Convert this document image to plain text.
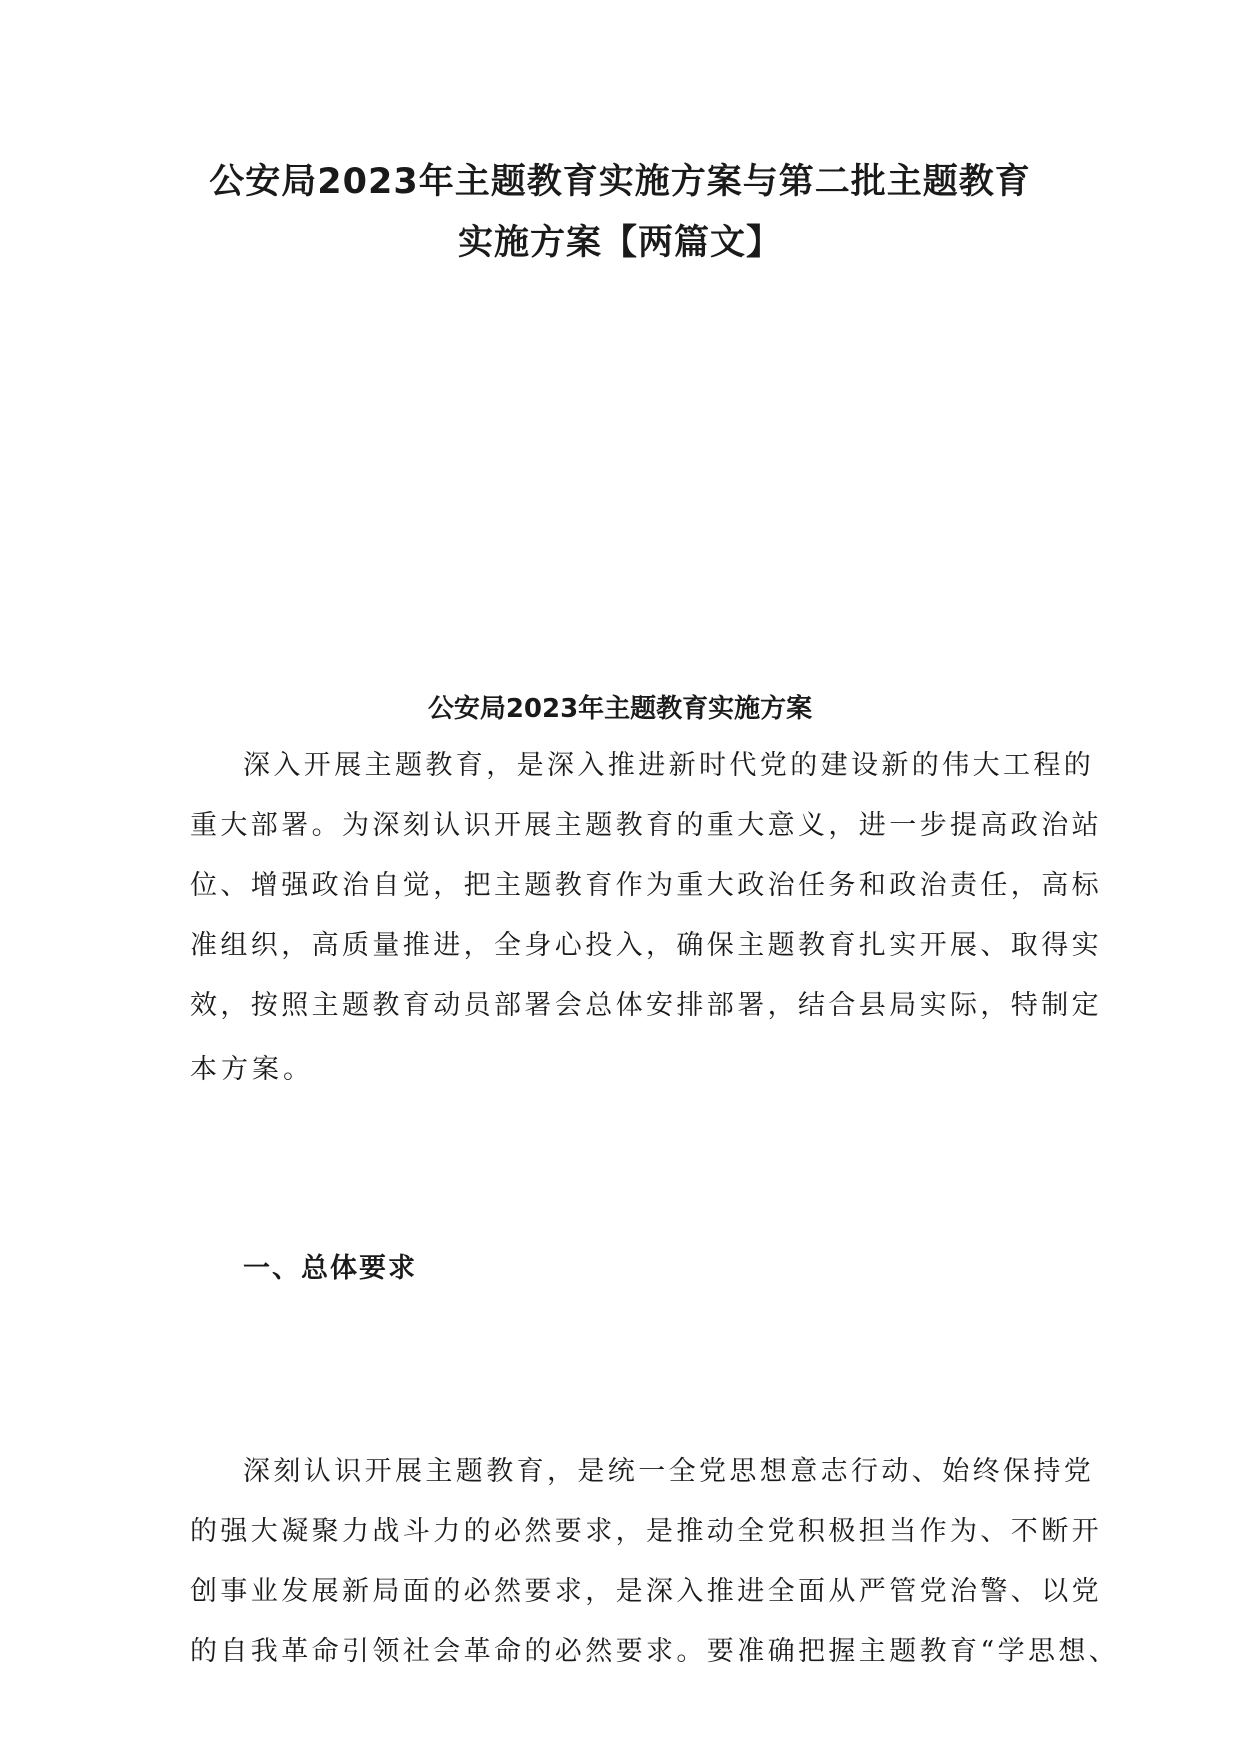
公安局2023年主题教育实施方案与第二批主题教育
实施方案【两篇文】
公安局2023年主题教育实施方案

深入开展主题教育，是深入推进新时代党的建设新的伟大工程的
重大部署。为深刻认识开展主题教育的重大意义，进一步提高政治站
位、增强政治自觉，把主题教育作为重大政治任务和政治责任，高标
准组织，高质量推进，全身心投入，确保主题教育扎实开展、取得实
效，按照主题教育动员部署会总体安排部署，结合县局实际，特制定
本方案。

一、总体要求

深刻认识开展主题教育，是统一全党思想意志行动、始终保持党
的强大凝聚力战斗力的必然要求，是推动全党积极担当作为、不断开
创事业发展新局面的必然要求，是深入推进全面从严管党治警、以党
的自我革命引领社会革命的必然要求。要准确把握主题教育“学思想、
